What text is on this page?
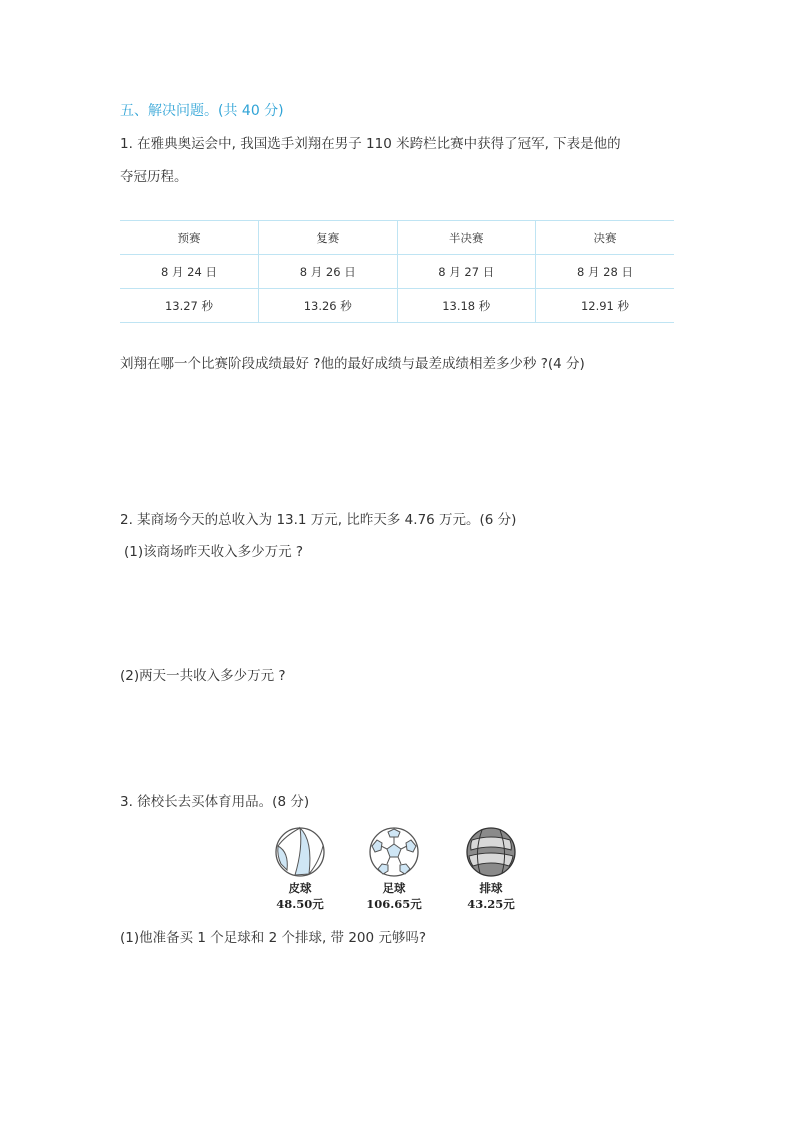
五、解决问题。(共 40 分)
1. 在雅典奥运会中, 我国选手刘翔在男子 110 米跨栏比赛中获得了冠军, 下表是他的
夺冠历程。
预赛	复赛	半决赛	决赛
8 月 24 日	8 月 26 日	8 月 27 日	8 月 28 日
13.27 秒	13.26 秒	13.18 秒	12.91 秒
刘翔在哪一个比赛阶段成绩最好 ?他的最好成绩与最差成绩相差多少秒 ?(4 分)
2. 某商场今天的总收入为 13.1 万元, 比昨天多 4.76 万元。(6 分)
(1)该商场昨天收入多少万元 ?
(2)两天一共收入多少万元 ?
3. 徐校长去买体育用品。(8 分)
皮球
48.50元
足球
106.65元
排球
43.25元
(1)他准备买 1 个足球和 2 个排球, 带 200 元够吗?
